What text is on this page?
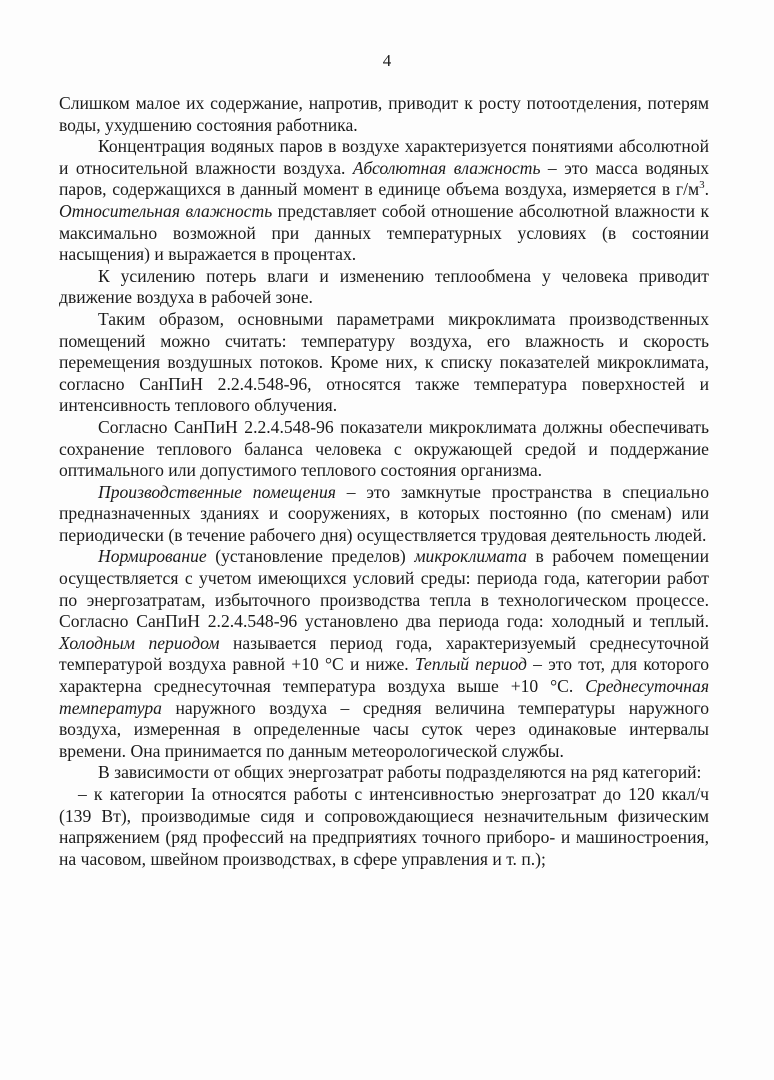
4

Слишком малое их содержание, напротив, приводит к росту потоотделения, потерям воды, ухудшению состояния работника.

Концентрация водяных паров в воздухе характеризуется понятиями абсолютной и относительной влажности воздуха. Абсолютная влажность – это масса водяных паров, содержащихся в данный момент в единице объема воздуха, измеряется в $г/м^3$. Относительная влажность представляет собой отношение абсолютной влажности к максимально возможной при данных температурных условиях (в состоянии насыщения) и выражается в процентах.

К усилению потерь влаги и изменению теплообмена у человека приводит движение воздуха в рабочей зоне.

Таким образом, основными параметрами микроклимата производственных помещений можно считать: температуру воздуха, его влажность и скорость перемещения воздушных потоков. Кроме них, к списку показателей микроклимата, согласно СанПиН 2.2.4.548-96, относятся также температура поверхностей и интенсивность теплового облучения.

Согласно СанПиН 2.2.4.548-96 показатели микроклимата должны обеспечивать сохранение теплового баланса человека с окружающей средой и поддержание оптимального или допустимого теплового состояния организма.

Производственные помещения – это замкнутые пространства в специально предназначенных зданиях и сооружениях, в которых постоянно (по сменам) или периодически (в течение рабочего дня) осуществляется трудовая деятельность людей.

Нормирование (установление пределов) микроклимата в рабочем помещении осуществляется с учетом имеющихся условий среды: периода года, категории работ по энергозатратам, избыточного производства тепла в технологическом процессе. Согласно СанПиН 2.2.4.548-96 установлено два периода года: холодный и теплый. Холодным периодом называется период года, характеризуемый среднесуточной температурой воздуха равной +10 °С и ниже. Теплый период – это тот, для которого характерна среднесуточная температура воздуха выше +10 °С. Среднесуточная температура наружного воздуха – средняя величина температуры наружного воздуха, измеренная в определенные часы суток через одинаковые интервалы времени. Она принимается по данным метеорологической службы.

В зависимости от общих энергозатрат работы подразделяются на ряд категорий:

– к категории Ia относятся работы с интенсивностью энергозатрат до 120 ккал/ч (139 Вт), производимые сидя и сопровождающиеся незначительным физическим напряжением (ряд профессий на предприятиях точного приборо- и машиностроения, на часовом, швейном производствах, в сфере управления и т. п.);
